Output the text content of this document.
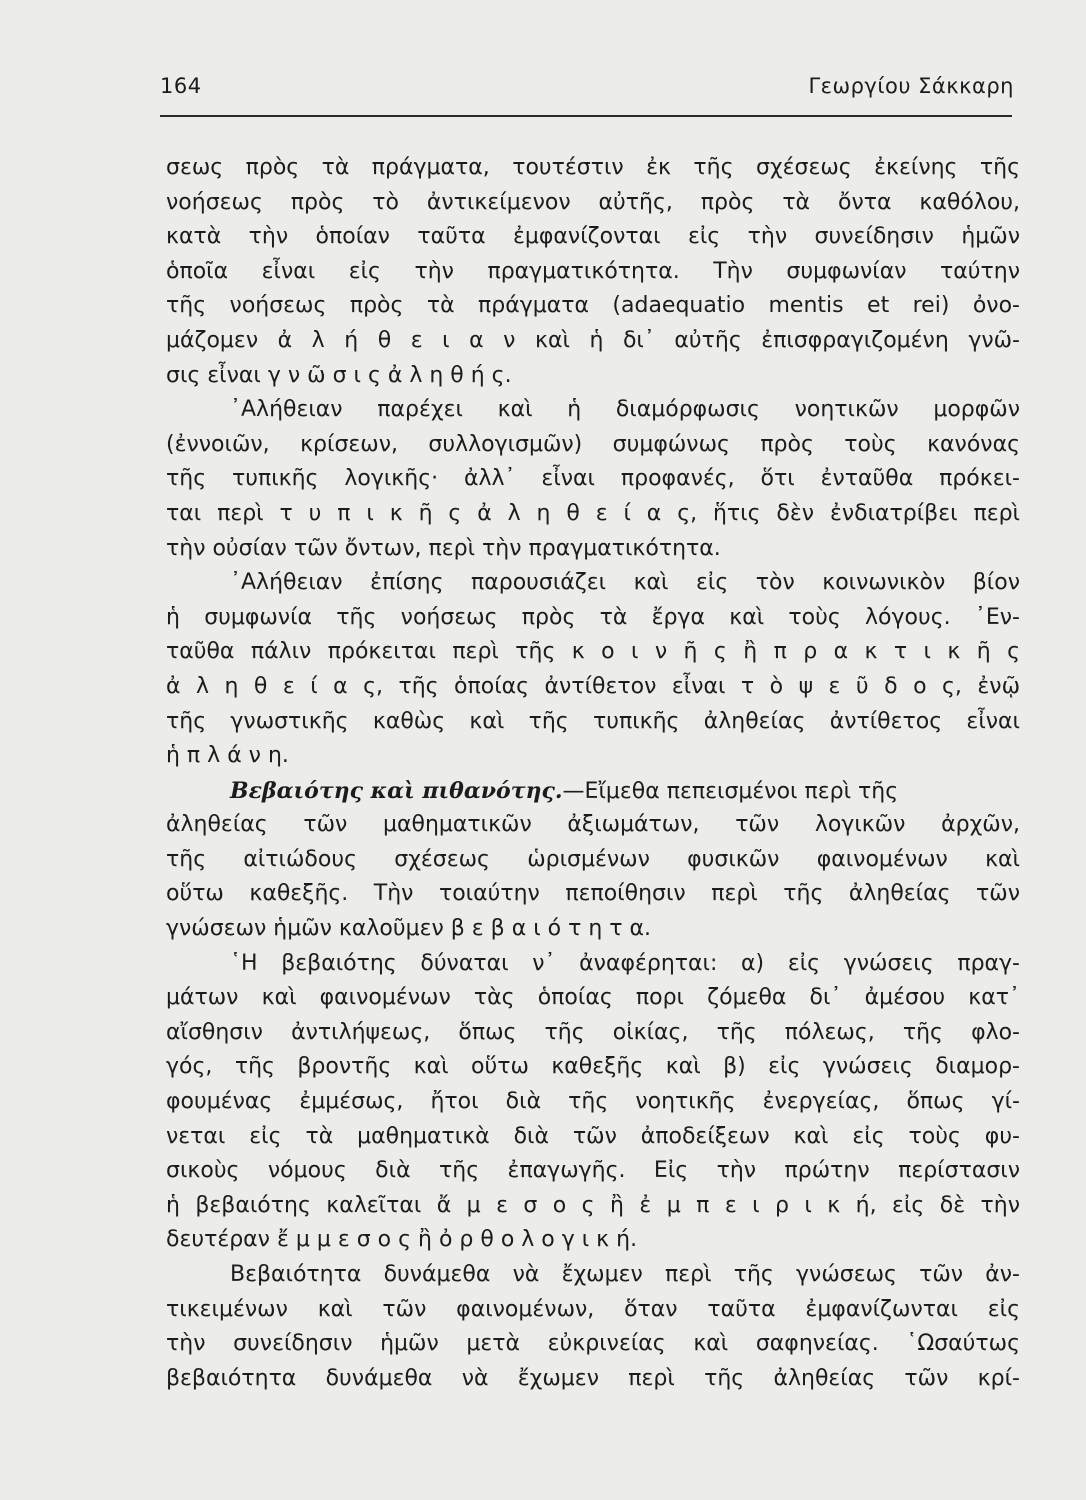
164	Γεωργίου Σάκκαρη
σεως πρὸς τὰ πράγματα, τουτέστιν ἐκ τῆς σχέσεως ἐκείνης τῆς
νοήσεως πρὸς τὸ ἀντικείμενον αὐτῆς, πρὸς τὰ ὄντα καθόλου,
κατὰ τὴν ὁποίαν ταῦτα ἐμφανίζονται εἰς τὴν συνείδησιν ἡμῶν
ὁποῖα εἶναι εἰς τὴν πραγματικότητα. Τὴν συμφωνίαν ταύτην
τῆς νοήσεως πρὸς τὰ πράγματα (adaequatio mentis et rei) ὀνο-
μάζομεν ἀ λ ή θ ε ι α ν καὶ ἡ δι᾽ αὐτῆς ἐπισφραγιζομένη γνῶ-
σις εἶναι γ ν ῶ σ ι ς ἀ λ η θ ή ς.
᾽Αλήθειαν παρέχει καὶ ἡ διαμόρφωσις νοητικῶν μορφῶν
(ἐννοιῶν, κρίσεων, συλλογισμῶν) συμφώνως πρὸς τοὺς κανόνας
τῆς τυπικῆς λογικῆς· ἀλλ᾽ εἶναι προφανές, ὅτι ἐνταῦθα πρόκει-
ται περὶ τ υ π ι κ ῆ ς ἀ λ η θ ε ί α ς, ἥτις δὲν ἐνδιατρίβει περὶ
τὴν οὐσίαν τῶν ὄντων, περὶ τὴν πραγματικότητα.
᾽Αλήθειαν ἐπίσης παρουσιάζει καὶ εἰς τὸν κοινωνικὸν βίον
ἡ συμφωνία τῆς νοήσεως πρὸς τὰ ἔργα καὶ τοὺς λόγους. ᾽Εν-
ταῦθα πάλιν πρόκειται περὶ τῆς κ ο ι ν ῆ ς ἢ π ρ α κ τ ι κ ῆ ς
ἀ λ η θ ε ί α ς, τῆς ὁποίας ἀντίθετον εἶναι τ ὸ ψ ε ῦ δ ο ς, ἐνῷ
τῆς γνωστικῆς καθὼς καὶ τῆς τυπικῆς ἀληθείας ἀντίθετος εἶναι
ἡ π λ ά ν η.
Βεβαιότης καὶ πιθανότης.—Εἴμεθα πεπεισμένοι περὶ τῆς
ἀληθείας τῶν μαθηματικῶν ἀξιωμάτων, τῶν λογικῶν ἀρχῶν,
τῆς αἰτιώδους σχέσεως ὡρισμένων φυσικῶν φαινομένων καὶ
οὕτω καθεξῆς. Τὴν τοιαύτην πεποίθησιν περὶ τῆς ἀληθείας τῶν
γνώσεων ἡμῶν καλοῦμεν β ε β α ι ό τ η τ α.
῾Η βεβαιότης δύναται ν᾽ ἀναφέρηται: α) εἰς γνώσεις πραγ-
μάτων καὶ φαινομένων τὰς ὁποίας πορι ζόμεθα δι᾽ ἀμέσου κατ᾽
αἴσθησιν ἀντιλήψεως, ὅπως τῆς οἰκίας, τῆς πόλεως, τῆς φλο-
γός, τῆς βροντῆς καὶ οὕτω καθεξῆς καὶ β) εἰς γνώσεις διαμορ-
φουμένας ἐμμέσως, ἤτοι διὰ τῆς νοητικῆς ἐνεργείας, ὅπως γί-
νεται εἰς τὰ μαθηματικὰ διὰ τῶν ἀποδείξεων καὶ εἰς τοὺς φυ-
σικοὺς νόμους διὰ τῆς ἐπαγωγῆς. Εἰς τὴν πρώτην περίστασιν
ἡ βεβαιότης καλεῖται ἄ μ ε σ ο ς ἢ ἐ μ π ε ι ρ ι κ ή, εἰς δὲ τὴν
δευτέραν ἔ μ μ ε σ ο ς ἢ ὀ ρ θ ο λ ο γ ι κ ή.
Βεβαιότητα δυνάμεθα νὰ ἔχωμεν περὶ τῆς γνώσεως τῶν ἀν-
τικειμένων καὶ τῶν φαινομένων, ὅταν ταῦτα ἐμφανίζωνται εἰς
τὴν συνείδησιν ἡμῶν μετὰ εὐκρινείας καὶ σαφηνείας. ῾Ωσαύτως
βεβαιότητα δυνάμεθα νὰ ἔχωμεν περὶ τῆς ἀληθείας τῶν κρί-
